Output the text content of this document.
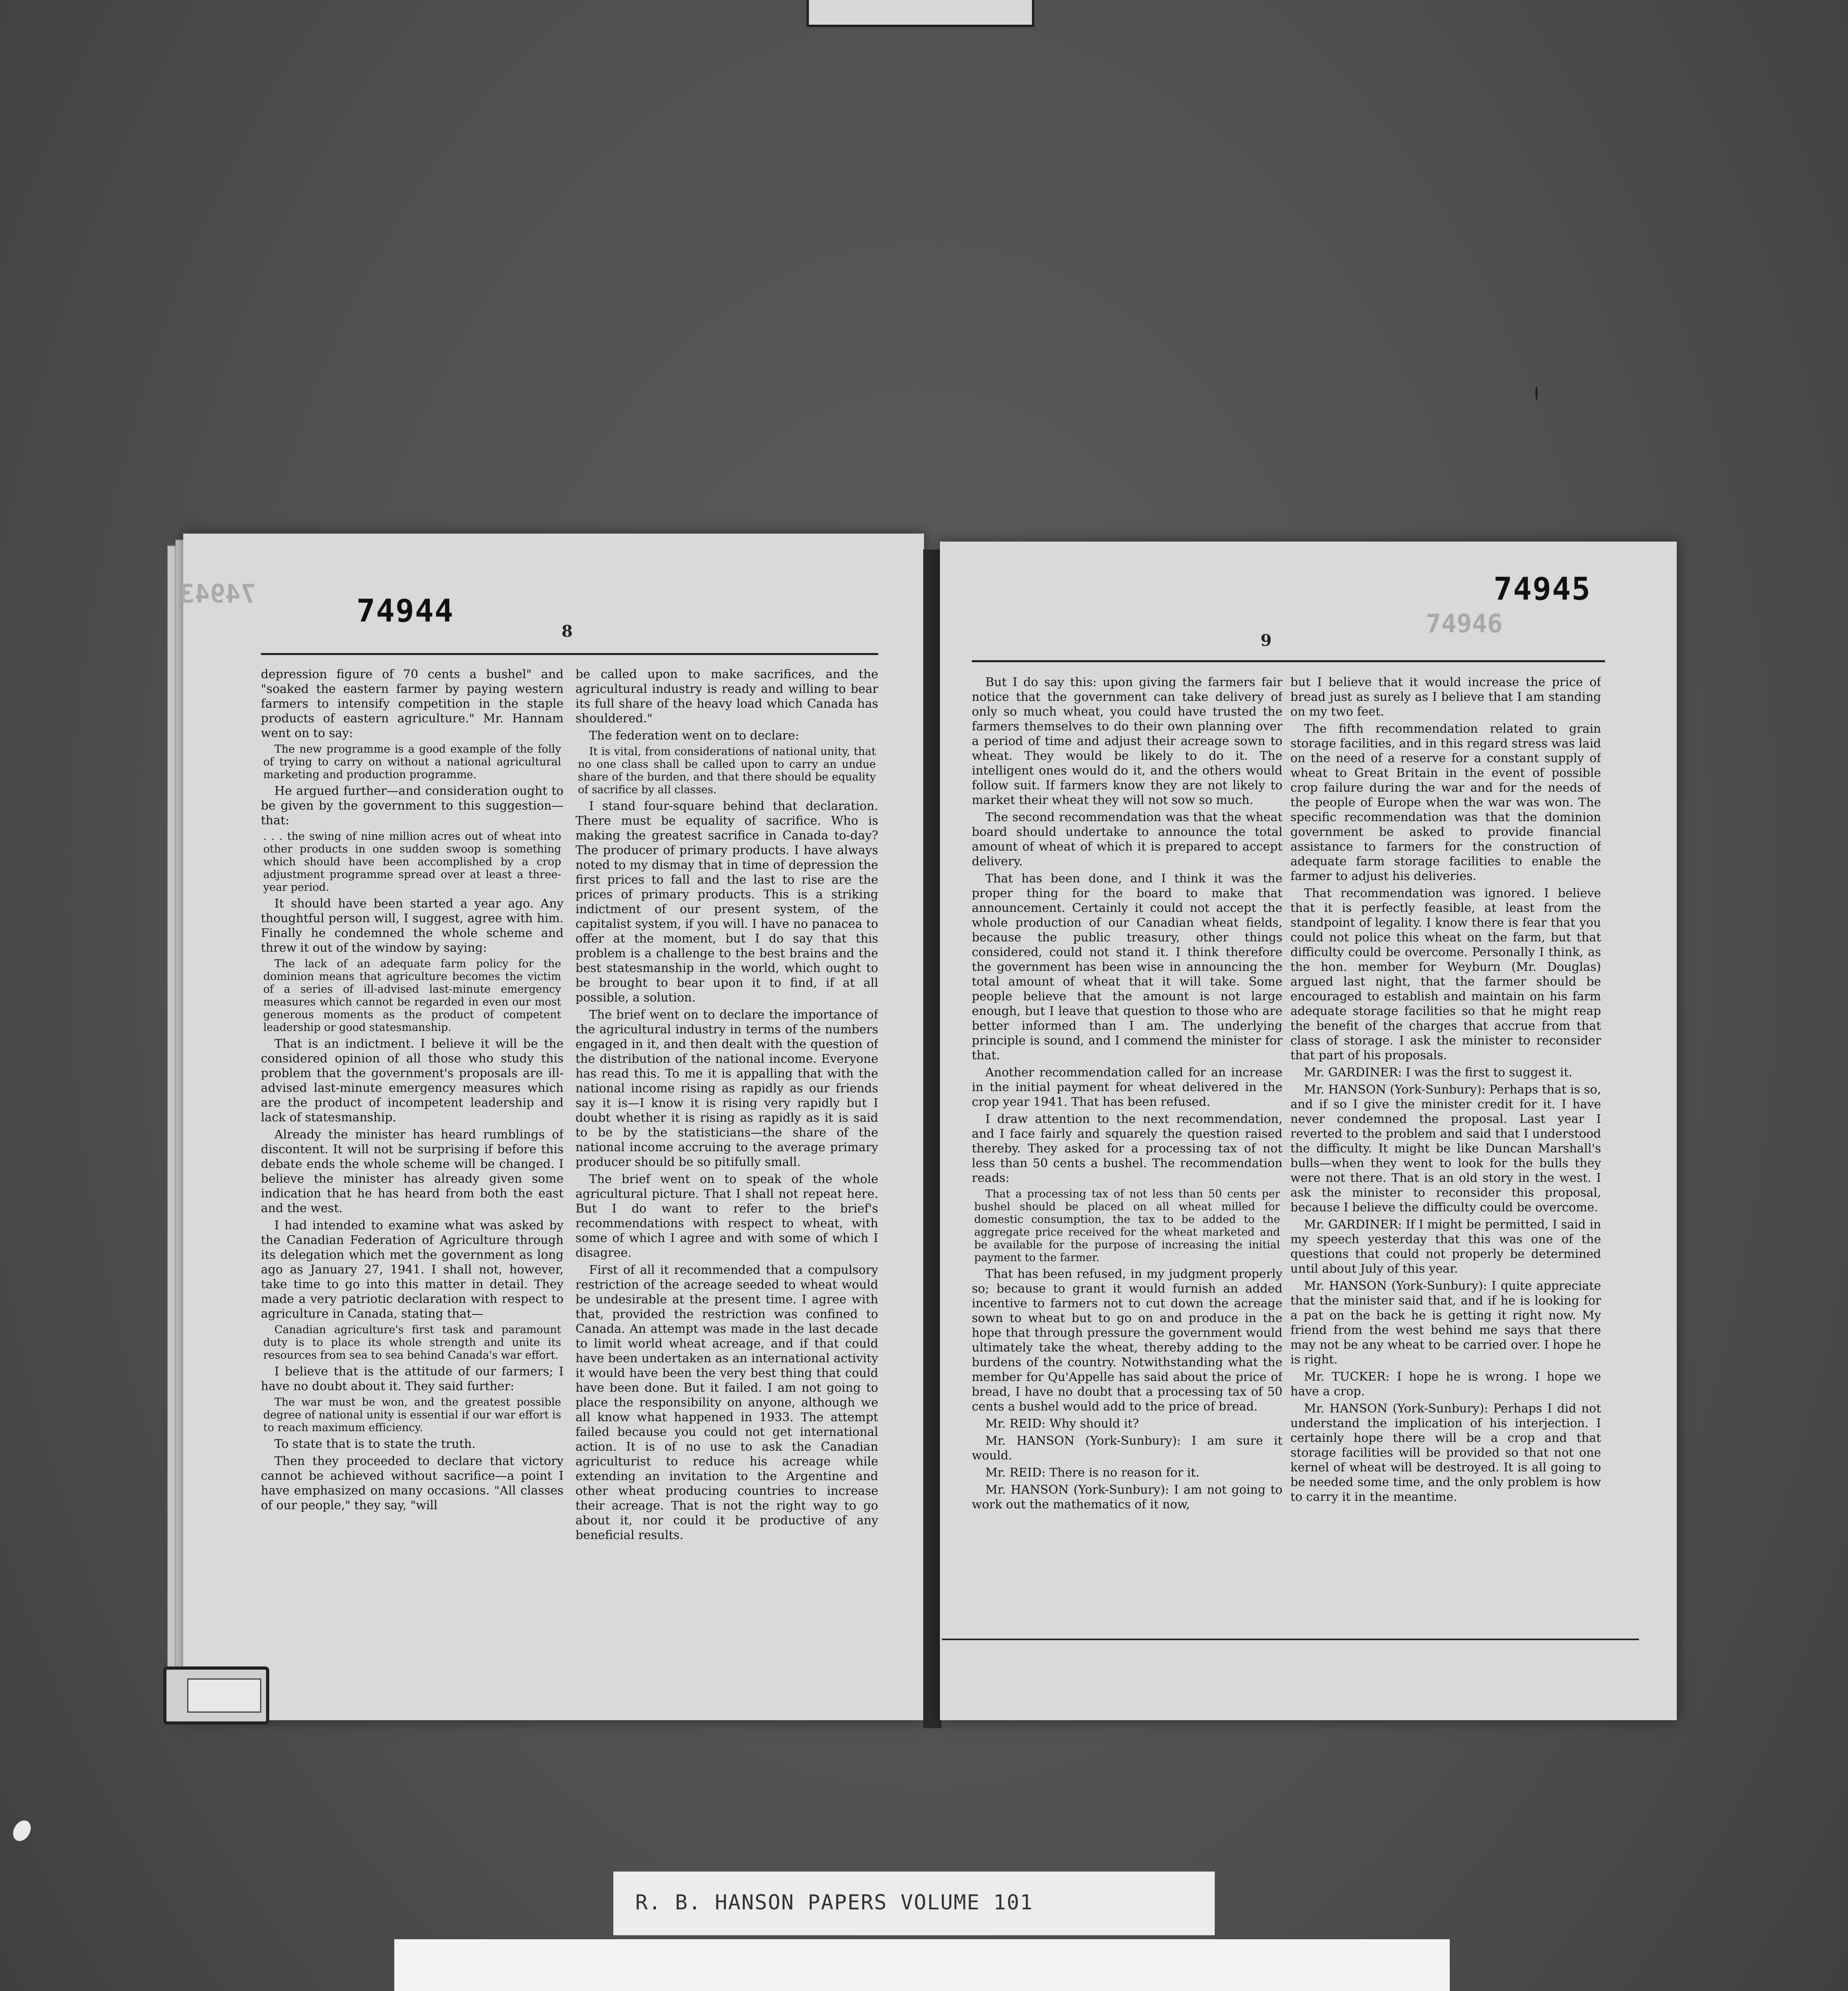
74943	74944
8

depression figure of 70 cents a bushel" and "soaked the eastern farmer by paying western farmers to intensify competition in the staple products of eastern agriculture." Mr. Hannam went on to say:

The new programme is a good example of the folly of trying to carry on without a national agricultural marketing and production programme.

He argued further—and consideration ought to be given by the government to this suggestion—that:

. . . the swing of nine million acres out of wheat into other products in one sudden swoop is something which should have been accomplished by a crop adjustment programme spread over at least a three-year period.

It should have been started a year ago. Any thoughtful person will, I suggest, agree with him. Finally he condemned the whole scheme and threw it out of the window by saying:

The lack of an adequate farm policy for the dominion means that agriculture becomes the victim of a series of ill-advised last-minute emergency measures which cannot be regarded in even our most generous moments as the product of competent leadership or good statesmanship.

That is an indictment. I believe it will be the considered opinion of all those who study this problem that the government's proposals are ill-advised last-minute emergency measures which are the product of incompetent leadership and lack of statesmanship.

Already the minister has heard rumblings of discontent. It will not be surprising if before this debate ends the whole scheme will be changed. I believe the minister has already given some indication that he has heard from both the east and the west.

I had intended to examine what was asked by the Canadian Federation of Agriculture through its delegation which met the government as long ago as January 27, 1941. I shall not, however, take time to go into this matter in detail. They made a very patriotic declaration with respect to agriculture in Canada, stating that—

Canadian agriculture's first task and paramount duty is to place its whole strength and unite its resources from sea to sea behind Canada's war effort.

I believe that is the attitude of our farmers; I have no doubt about it. They said further:

The war must be won, and the greatest possible degree of national unity is essential if our war effort is to reach maximum efficiency.

To state that is to state the truth.

Then they proceeded to declare that victory cannot be achieved without sacrifice—a point I have emphasized on many occasions. "All classes of our people," they say, "will

be called upon to make sacrifices, and the agricultural industry is ready and willing to bear its full share of the heavy load which Canada has shouldered."

The federation went on to declare:

It is vital, from considerations of national unity, that no one class shall be called upon to carry an undue share of the burden, and that there should be equality of sacrifice by all classes.

I stand four-square behind that declaration. There must be equality of sacrifice. Who is making the greatest sacrifice in Canada to-day? The producer of primary products. I have always noted to my dismay that in time of depression the first prices to fall and the last to rise are the prices of primary products. This is a striking indictment of our present system, of the capitalist system, if you will. I have no panacea to offer at the moment, but I do say that this problem is a challenge to the best brains and the best statesmanship in the world, which ought to be brought to bear upon it to find, if at all possible, a solution.

The brief went on to declare the importance of the agricultural industry in terms of the numbers engaged in it, and then dealt with the question of the distribution of the national income. Everyone has read this. To me it is appalling that with the national income rising as rapidly as our friends say it is—I know it is rising very rapidly but I doubt whether it is rising as rapidly as it is said to be by the statisticians—the share of the national income accruing to the average primary producer should be so pitifully small.

The brief went on to speak of the whole agricultural picture. That I shall not repeat here. But I do want to refer to the brief's recommendations with respect to wheat, with some of which I agree and with some of which I disagree.

First of all it recommended that a compulsory restriction of the acreage seeded to wheat would be undesirable at the present time. I agree with that, provided the restriction was confined to Canada. An attempt was made in the last decade to limit world wheat acreage, and if that could have been undertaken as an international activity it would have been the very best thing that could have been done. But it failed. I am not going to place the responsibility on anyone, although we all know what happened in 1933. The attempt failed because you could not get international action. It is of no use to ask the Canadian agriculturist to reduce his acreage while extending an invitation to the Argentine and other wheat producing countries to increase their acreage. That is not the right way to go about it, nor could it be productive of any beneficial results.

74945
74946
9

But I do say this: upon giving the farmers fair notice that the government can take delivery of only so much wheat, you could have trusted the farmers themselves to do their own planning over a period of time and adjust their acreage sown to wheat. They would be likely to do it. The intelligent ones would do it, and the others would follow suit. If farmers know they are not likely to market their wheat they will not sow so much.

The second recommendation was that the wheat board should undertake to announce the total amount of wheat of which it is prepared to accept delivery.

That has been done, and I think it was the proper thing for the board to make that announcement. Certainly it could not accept the whole production of our Canadian wheat fields, because the public treasury, other things considered, could not stand it. I think therefore the government has been wise in announcing the total amount of wheat that it will take. Some people believe that the amount is not large enough, but I leave that question to those who are better informed than I am. The underlying principle is sound, and I commend the minister for that.

Another recommendation called for an increase in the initial payment for wheat delivered in the crop year 1941. That has been refused.

I draw attention to the next recommendation, and I face fairly and squarely the question raised thereby. They asked for a processing tax of not less than 50 cents a bushel. The recommendation reads:

That a processing tax of not less than 50 cents per bushel should be placed on all wheat milled for domestic consumption, the tax to be added to the aggregate price received for the wheat marketed and be available for the purpose of increasing the initial payment to the farmer.

That has been refused, in my judgment properly so; because to grant it would furnish an added incentive to farmers not to cut down the acreage sown to wheat but to go on and produce in the hope that through pressure the government would ultimately take the wheat, thereby adding to the burdens of the country. Notwithstanding what the member for Qu'Appelle has said about the price of bread, I have no doubt that a processing tax of 50 cents a bushel would add to the price of bread.

Mr. REID: Why should it?

Mr. HANSON (York-Sunbury): I am sure it would.

Mr. REID: There is no reason for it.

Mr. HANSON (York-Sunbury): I am not going to work out the mathematics of it now,

but I believe that it would increase the price of bread just as surely as I believe that I am standing on my two feet.

The fifth recommendation related to grain storage facilities, and in this regard stress was laid on the need of a reserve for a constant supply of wheat to Great Britain in the event of possible crop failure during the war and for the needs of the people of Europe when the war was won. The specific recommendation was that the dominion government be asked to provide financial assistance to farmers for the construction of adequate farm storage facilities to enable the farmer to adjust his deliveries.

That recommendation was ignored. I believe that it is perfectly feasible, at least from the standpoint of legality. I know there is fear that you could not police this wheat on the farm, but that difficulty could be overcome. Personally I think, as the hon. member for Weyburn (Mr. Douglas) argued last night, that the farmer should be encouraged to establish and maintain on his farm adequate storage facilities so that he might reap the benefit of the charges that accrue from that class of storage. I ask the minister to reconsider that part of his proposals.

Mr. GARDINER: I was the first to suggest it.

Mr. HANSON (York-Sunbury): Perhaps that is so, and if so I give the minister credit for it. I have never condemned the proposal. Last year I reverted to the problem and said that I understood the difficulty. It might be like Duncan Marshall's bulls—when they went to look for the bulls they were not there. That is an old story in the west. I ask the minister to reconsider this proposal, because I believe the difficulty could be overcome.

Mr. GARDINER: If I might be permitted, I said in my speech yesterday that this was one of the questions that could not properly be determined until about July of this year.

Mr. HANSON (York-Sunbury): I quite appreciate that the minister said that, and if he is looking for a pat on the back he is getting it right now. My friend from the west behind me says that there may not be any wheat to be carried over. I hope he is right.

Mr. TUCKER: I hope he is wrong. I hope we have a crop.

Mr. HANSON (York-Sunbury): Perhaps I did not understand the implication of his interjection. I certainly hope there will be a crop and that storage facilities will be provided so that not one kernel of wheat will be destroyed. It is all going to be needed some time, and the only problem is how to carry it in the meantime.

R. B. HANSON PAPERS VOLUME 101
